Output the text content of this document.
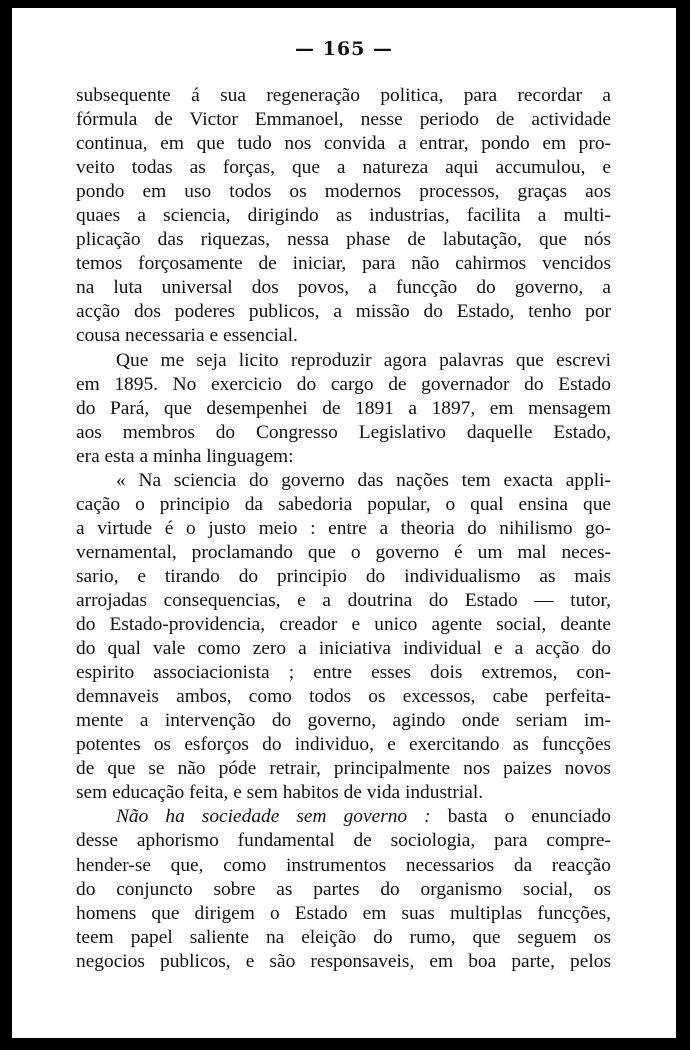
— 165 —
subsequente á sua regeneração politica, para recordar a
fórmula de Victor Emmanoel, nesse periodo de actividade
continua, em que tudo nos convida a entrar, pondo em pro-
veito todas as forças, que a natureza aqui accumulou, e
pondo em uso todos os modernos processos, graças aos
quaes a sciencia, dirigindo as industrias, facilita a multi-
plicação das riquezas, nessa phase de labutação, que nós
temos forçosamente de iniciar, para não cahirmos vencidos
na luta universal dos povos, a funcção do governo, a
acção dos poderes publicos, a missão do Estado, tenho por
cousa necessaria e essencial.
Que me seja licito reproduzir agora palavras que escrevi
em 1895. No exercicio do cargo de governador do Estado
do Pará, que desempenhei de 1891 a 1897, em mensagem
aos membros do Congresso Legislativo daquelle Estado,
era esta a minha linguagem:
« Na sciencia do governo das nações tem exacta appli-
cação o principio da sabedoria popular, o qual ensina que
a virtude é o justo meio : entre a theoria do nihilismo go-
vernamental, proclamando que o governo é um mal neces-
sario, e tirando do principio do individualismo as mais
arrojadas consequencias, e a doutrina do Estado — tutor,
do Estado-providencia, creador e unico agente social, deante
do qual vale como zero a iniciativa individual e a acção do
espirito associacionista ; entre esses dois extremos, con-
demnaveis ambos, como todos os excessos, cabe perfeita-
mente a intervenção do governo, agindo onde seriam im-
potentes os esforços do individuo, e exercitando as funcções
de que se não póde retrair, principalmente nos paizes novos
sem educação feita, e sem habitos de vida industrial.
Não ha sociedade sem governo : basta o enunciado
desse aphorismo fundamental de sociologia, para compre-
hender-se que, como instrumentos necessarios da reacção
do conjuncto sobre as partes do organismo social, os
homens que dirigem o Estado em suas multiplas funcções,
teem papel saliente na eleição do rumo, que seguem os
negocios publicos, e são responsaveis, em boa parte, pelos
